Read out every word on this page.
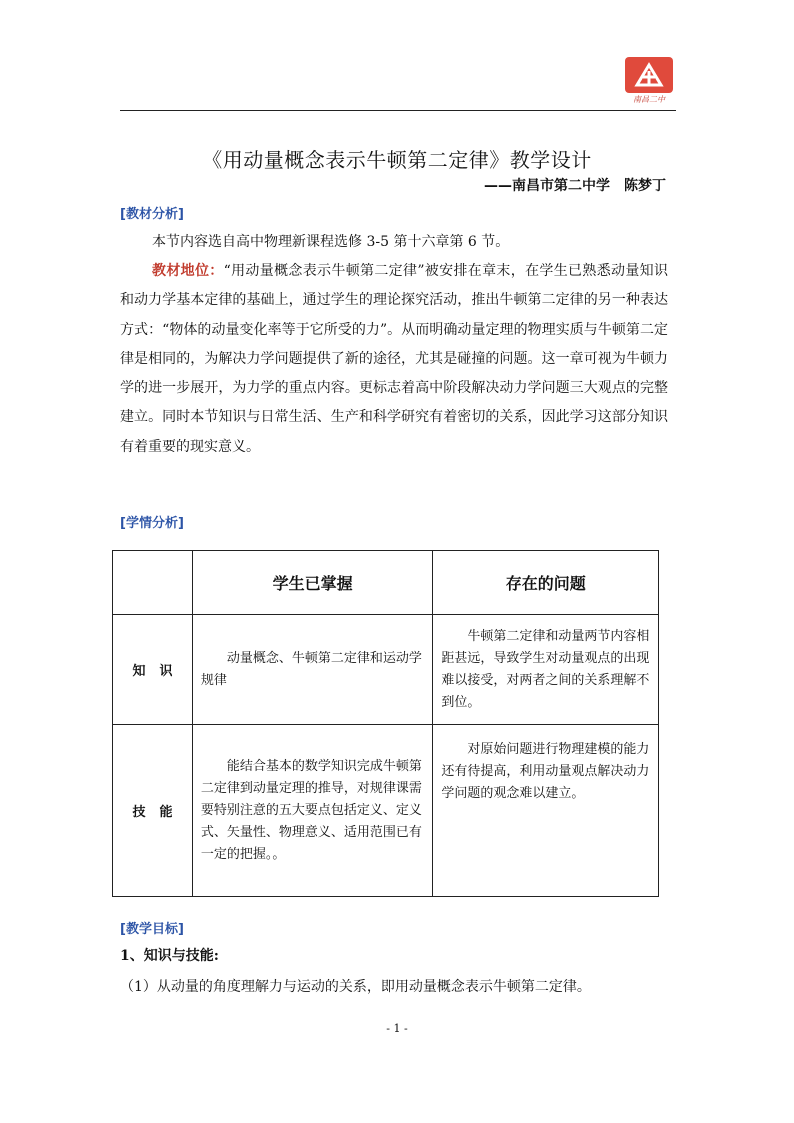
南昌二中
《用动量概念表示牛顿第二定律》教学设计
——南昌市第二中学　陈梦丁
[教材分析]
本节内容选自高中物理新课程选修 3-5 第十六章第 6 节。
教材地位：“用动量概念表示牛顿第二定律”被安排在章末，在学生已熟悉动量知识和动力学基本定律的基础上，通过学生的理论探究活动，推出牛顿第二定律的另一种表达方式：“物体的动量变化率等于它所受的力”。从而明确动量定理的物理实质与牛顿第二定律是相同的，为解决力学问题提供了新的途径，尤其是碰撞的问题。这一章可视为牛顿力学的进一步展开，为力学的重点内容。更标志着高中阶段解决动力学问题三大观点的完整建立。同时本节知识与日常生活、生产和科学研究有着密切的关系，因此学习这部分知识有着重要的现实意义。
[学情分析]
	学生已掌握	存在的问题
知识	动量概念、牛顿第二定律和运动学规律	牛顿第二定律和动量两节内容相距甚远，导致学生对动量观点的出现难以接受，对两者之间的关系理解不到位。
技能	能结合基本的数学知识完成牛顿第二定律到动量定理的推导，对规律课需要特别注意的五大要点包括定义、定义式、矢量性、物理意义、适用范围已有一定的把握。。	对原始问题进行物理建模的能力还有待提高，利用动量观点解决动力学问题的观念难以建立。
[教学目标]
1、知识与技能:
（1）从动量的角度理解力与运动的关系，即用动量概念表示牛顿第二定律。
- 1 -
